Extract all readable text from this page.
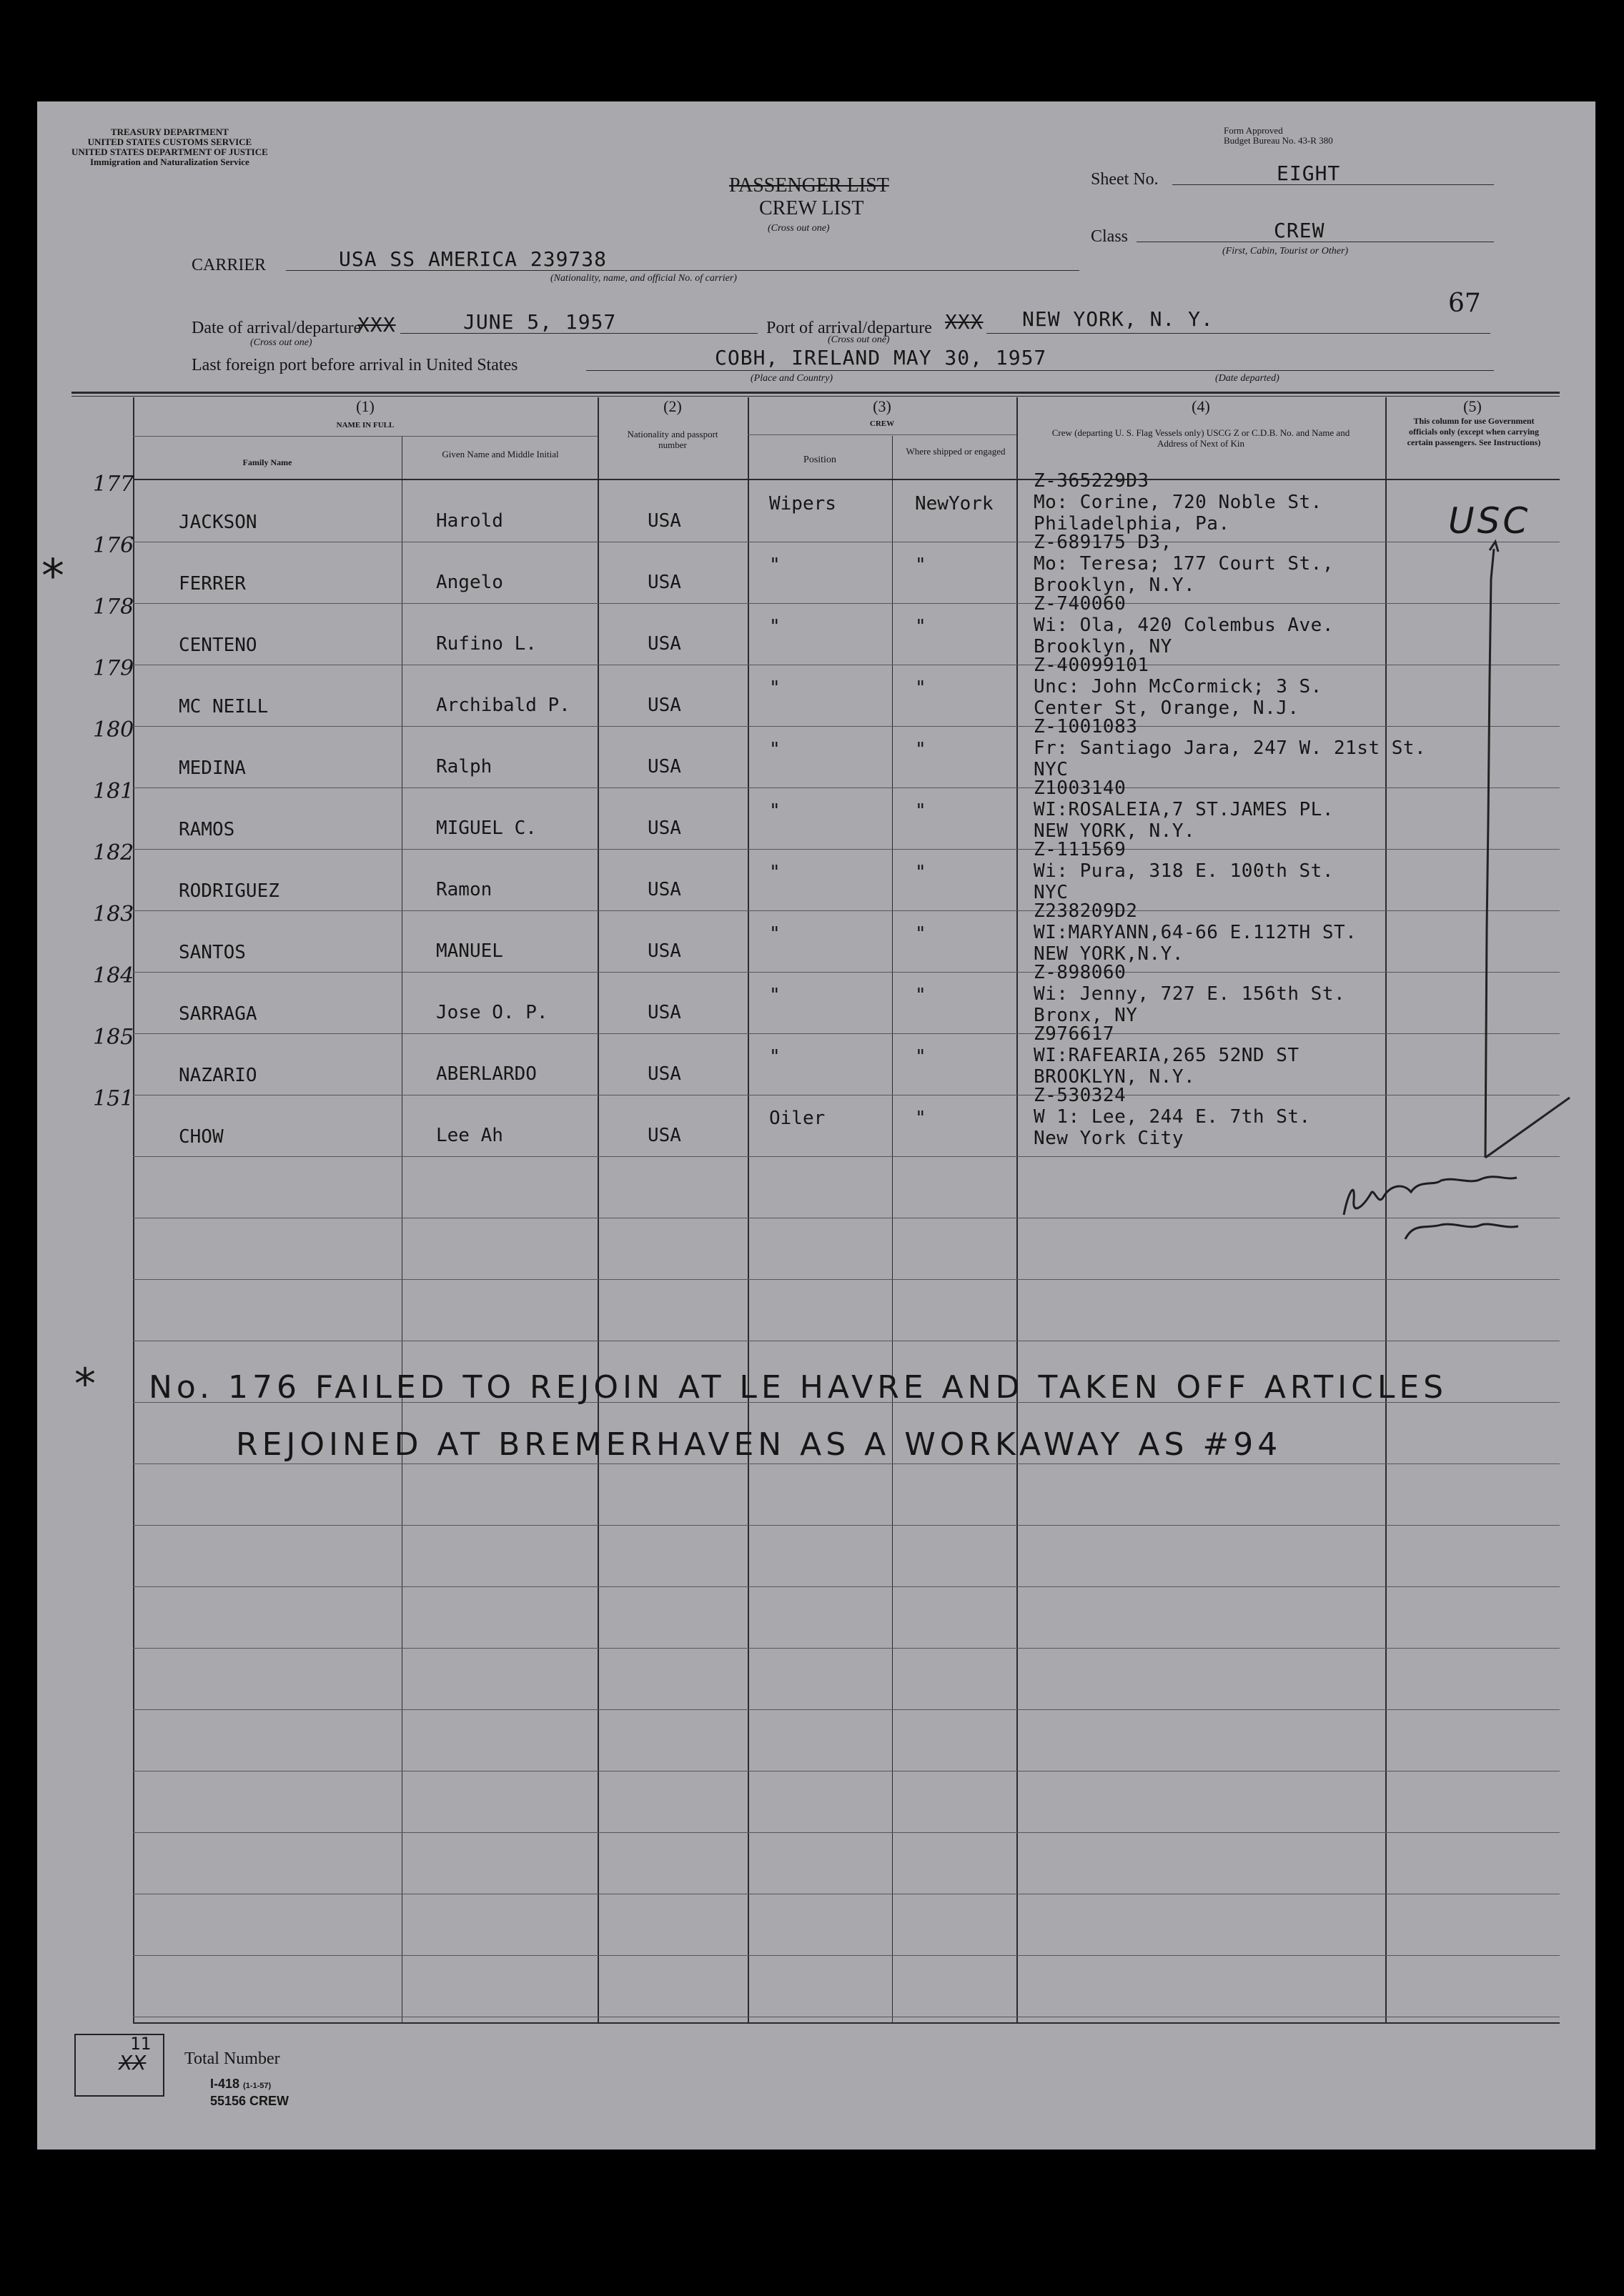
TREASURY DEPARTMENT
UNITED STATES CUSTOMS SERVICE
UNITED STATES DEPARTMENT OF JUSTICE
Immigration and Naturalization Service
Form Approved
Budget Bureau No. 43-R 380
PASSENGER LIST
CREW LIST
(Cross out one)
Sheet No.	EIGHT
Class	CREW
(First, Cabin, Tourist or Other)
CARRIER	USA SS AMERICA 239738
(Nationality, name, and official No. of carrier)
Date of arrival/departure
XXX	JUNE 5, 1957
(Cross out one)
Port of arrival/departure XXX NEW YORK, N. Y.
(Cross out one)
67
Last foreign port before arrival in United States	COBH, IRELAND MAY 30, 1957
(Place and Country)	(Date departed)
(1)
NAME IN FULL
Family Name
Given Name and Middle Initial
(2)
Nationality and passport number
(3)
CREW
Position
Where shipped or engaged
(4)
Crew (departing U. S. Flag Vessels only) USCG Z or C.D.B. No. and Name and Address of Next of Kin
(5)
This column for use Government officials only (except when carrying certain passengers. See Instructions)
177
JACKSON	Harold	USA
Wipers	NewYork
Z-365229D3
Mo: Corine, 720 Noble St.
Philadelphia, Pa.
176
FERRER	Angelo	USA
"	"
Z-689175 D3,
Mo: Teresa; 177 Court St.,
Brooklyn, N.Y.
178
CENTENO	Rufino L.	USA
"	"
Z-740060
Wi: Ola, 420 Colembus Ave.
Brooklyn, NY
179
MC NEILL	Archibald P.	USA
"	"
Z-40099101
Unc: John McCormick; 3 S.
Center St, Orange, N.J.
180
MEDINA	Ralph	USA
"	"
Z-1001083
Fr: Santiago Jara, 247 W. 21st St.
NYC
181
RAMOS	MIGUEL C.	USA
"	"
Z1003140
WI:ROSALEIA,7 ST.JAMES PL.
NEW YORK, N.Y.
182
RODRIGUEZ	Ramon	USA
"	"
Z-111569
Wi: Pura, 318 E. 100th St.
NYC
183
SANTOS	MANUEL	USA
"	"
Z238209D2
WI:MARYANN,64-66 E.112TH ST.
NEW YORK,N.Y.
184
SARRAGA	Jose O. P.	USA
"	"
Z-898060
Wi: Jenny, 727 E. 156th St.
Bronx, NY
185
NAZARIO	ABERLARDO	USA
"	"
Z976617
WI:RAFEARIA,265 52ND ST
BROOKLYN, N.Y.
151
CHOW	Lee Ah	USA
Oiler	"
Z-530324
W 1: Lee, 244 E. 7th St.
New York City
USC
*
* No. 176 FAILED TO REJOIN AT LE HAVRE AND TAKEN OFF ARTICLES
REJOINED AT BREMERHAVEN AS A WORKAWAY AS #94
11
XX Total Number
I-418 (1-1-57)
55156 CREW
